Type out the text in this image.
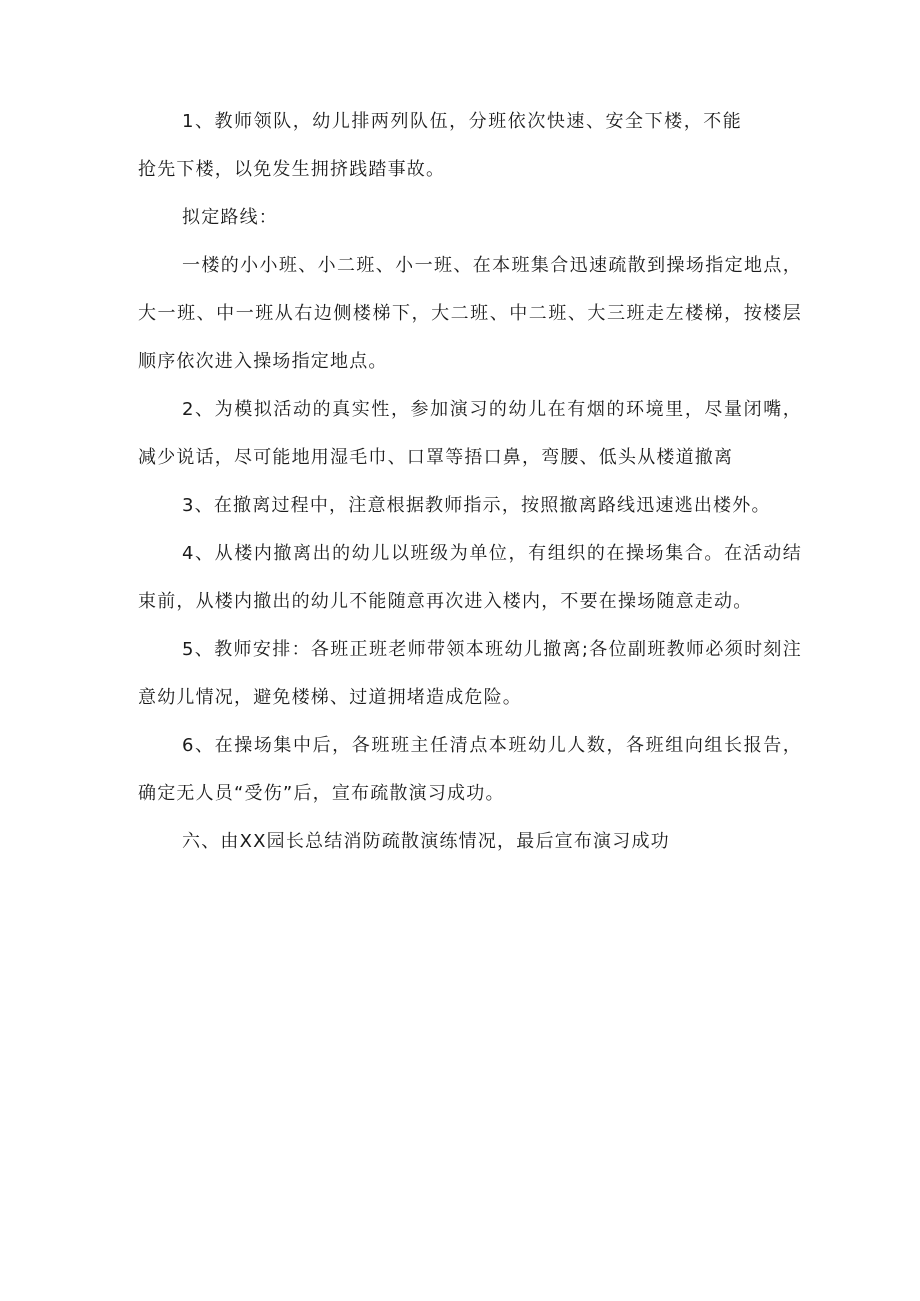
1、教师领队，幼儿排两列队伍，分班依次快速、安全下楼，不能抢先下楼，以免发生拥挤践踏事故。

拟定路线：

一楼的小小班、小二班、小一班、在本班集合迅速疏散到操场指定地点，大一班、中一班从右边侧楼梯下，大二班、中二班、大三班走左楼梯，按楼层顺序依次进入操场指定地点。

2、为模拟活动的真实性，参加演习的幼儿在有烟的环境里，尽量闭嘴，减少说话，尽可能地用湿毛巾、口罩等捂口鼻，弯腰、低头从楼道撤离

3、在撤离过程中，注意根据教师指示，按照撤离路线迅速逃出楼外。

4、从楼内撤离出的幼儿以班级为单位，有组织的在操场集合。在活动结束前，从楼内撤出的幼儿不能随意再次进入楼内，不要在操场随意走动。

5、教师安排：各班正班老师带领本班幼儿撤离;各位副班教师必须时刻注意幼儿情况，避免楼梯、过道拥堵造成危险。

6、在操场集中后，各班班主任清点本班幼儿人数，各班组向组长报告，确定无人员“受伤”后，宣布疏散演习成功。

六、由XX园长总结消防疏散演练情况，最后宣布演习成功
